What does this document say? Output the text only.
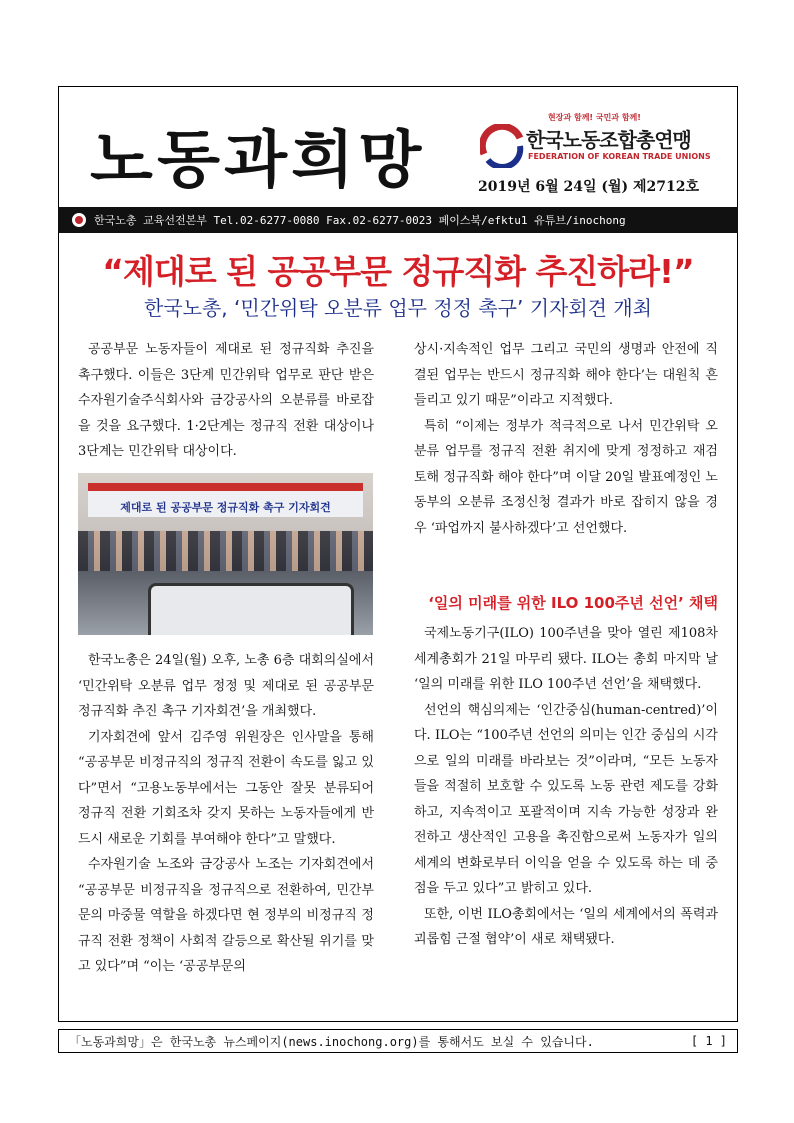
노동과희망
현장과 함께! 국민과 함께!
한국노동조합총연맹
FEDERATION OF KOREAN TRADE UNIONS
2019년 6월 24일 (월) 제2712호
한국노총 교육선전본부 Tel.02-6277-0080 Fax.02-6277-0023 페이스북/efktu1 유튜브/inochong
“제대로 된 공공부문 정규직화 추진하라!”
한국노총, ‘민간위탁 오분류 업무 정정 촉구’ 기자회견 개최

공공부문 노동자들이 제대로 된 정규직화 추진을 촉구했다. 이들은 3단계 민간위탁 업무로 판단 받은 수자원기술주식회사와 금강공사의 오분류를 바로잡을 것을 요구했다. 1·2단계는 정규직 전환 대상이나 3단계는 민간위탁 대상이다.

제대로 된 공공부문 정규직화 촉구 기자회견

한국노총은 24일(월) 오후, 노총 6층 대회의실에서 ‘민간위탁 오분류 업무 정정 및 제대로 된 공공부문 정규직화 추진 촉구 기자회견’을 개최했다.

기자회견에 앞서 김주영 위원장은 인사말을 통해 “공공부문 비정규직의 정규직 전환이 속도를 잃고 있다”면서 “고용노동부에서는 그동안 잘못 분류되어 정규직 전환 기회조차 갖지 못하는 노동자들에게 반드시 새로운 기회를 부여해야 한다”고 말했다.

수자원기술 노조와 금강공사 노조는 기자회견에서 “공공부문 비정규직을 정규직으로 전환하여, 민간부문의 마중물 역할을 하겠다면 현 정부의 비정규직 정규직 전환 정책이 사회적 갈등으로 확산될 위기를 맞고 있다”며 “이는 ‘공공부문의

상시·지속적인 업무 그리고 국민의 생명과 안전에 직결된 업무는 반드시 정규직화 해야 한다’는 대원칙 흔들리고 있기 때문”이라고 지적했다.

특히 “이제는 정부가 적극적으로 나서 민간위탁 오분류 업무를 정규직 전환 취지에 맞게 정정하고 재검토해 정규직화 해야 한다”며 이달 20일 발표예정인 노동부의 오분류 조정신청 결과가 바로 잡히지 않을 경우 ‘파업까지 불사하겠다’고 선언했다.

‘일의 미래를 위한 ILO 100주년 선언’ 채택

국제노동기구(ILO) 100주년을 맞아 열린 제108차 세계총회가 21일 마무리 됐다. ILO는 총회 마지막 날 ‘일의 미래를 위한 ILO 100주년 선언’을 채택했다.

선언의 핵심의제는 ‘인간중심(human-centred)’이다. ILO는 “100주년 선언의 의미는 인간 중심의 시각으로 일의 미래를 바라보는 것”이라며, “모든 노동자들을 적절히 보호할 수 있도록 노동 관련 제도를 강화하고, 지속적이고 포괄적이며 지속 가능한 성장과 완전하고 생산적인 고용을 촉진함으로써 노동자가 일의 세계의 변화로부터 이익을 얻을 수 있도록 하는 데 중점을 두고 있다”고 밝히고 있다.

또한, 이번 ILO총회에서는 ‘일의 세계에서의 폭력과 괴롭힘 근절 협약’이 새로 채택됐다.

「노동과희망」은 한국노총 뉴스페이지(news.inochong.org)를 통해서도 보실 수 있습니다.	[ 1 ]
